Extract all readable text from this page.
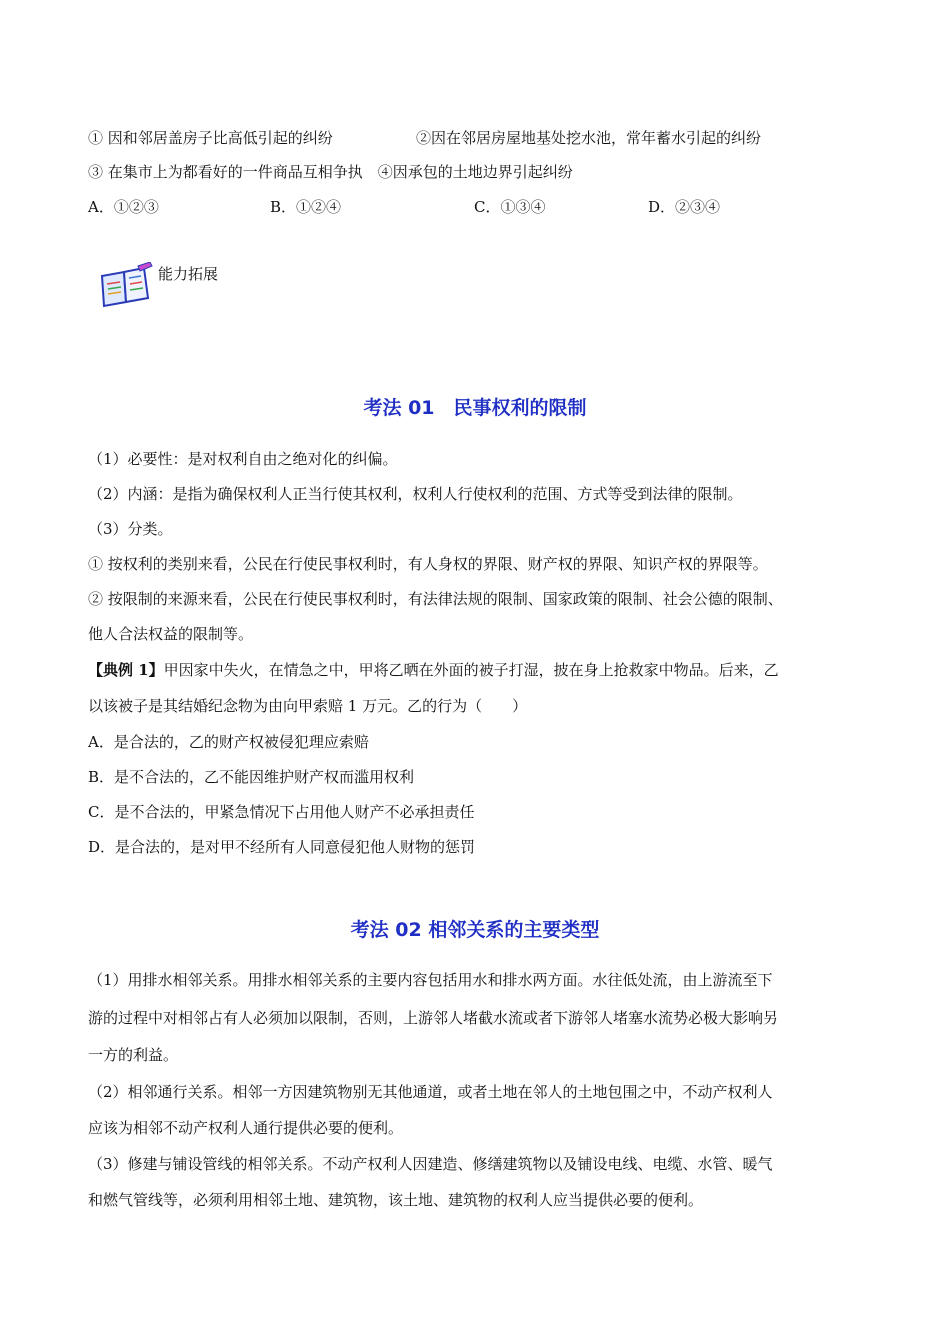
① 因和邻居盖房子比高低引起的纠纷	②因在邻居房屋地基处挖水池，常年蓄水引起的纠纷
③ 在集市上为都看好的一件商品互相争执　④因承包的土地边界引起纠纷
A．①②③	B．①②④	C．①③④	D．②③④
能力拓展
考法 01　民事权利的限制
（1）必要性：是对权利自由之绝对化的纠偏。
（2）内涵：是指为确保权利人正当行使其权利，权利人行使权利的范围、方式等受到法律的限制。
（3）分类。
① 按权利的类别来看，公民在行使民事权利时，有人身权的界限、财产权的界限、知识产权的界限等。
② 按限制的来源来看，公民在行使民事权利时，有法律法规的限制、国家政策的限制、社会公德的限制、
他人合法权益的限制等。
【典例 1】甲因家中失火，在情急之中，甲将乙晒在外面的被子打湿，披在身上抢救家中物品。后来，乙
以该被子是其结婚纪念物为由向甲索赔 1 万元。乙的行为（　　）
A．是合法的，乙的财产权被侵犯理应索赔
B．是不合法的，乙不能因维护财产权而滥用权利
C．是不合法的，甲紧急情况下占用他人财产不必承担责任
D．是合法的，是对甲不经所有人同意侵犯他人财物的惩罚
考法 02 相邻关系的主要类型
（1）用排水相邻关系。用排水相邻关系的主要内容包括用水和排水两方面。水往低处流，由上游流至下
游的过程中对相邻占有人必须加以限制，否则，上游邻人堵截水流或者下游邻人堵塞水流势必极大影响另
一方的利益。
（2）相邻通行关系。相邻一方因建筑物别无其他通道，或者土地在邻人的土地包围之中，不动产权利人
应该为相邻不动产权利人通行提供必要的便利。
（3）修建与铺设管线的相邻关系。不动产权利人因建造、修缮建筑物以及铺设电线、电缆、水管、暖气
和燃气管线等，必须利用相邻土地、建筑物，该土地、建筑物的权利人应当提供必要的便利。
